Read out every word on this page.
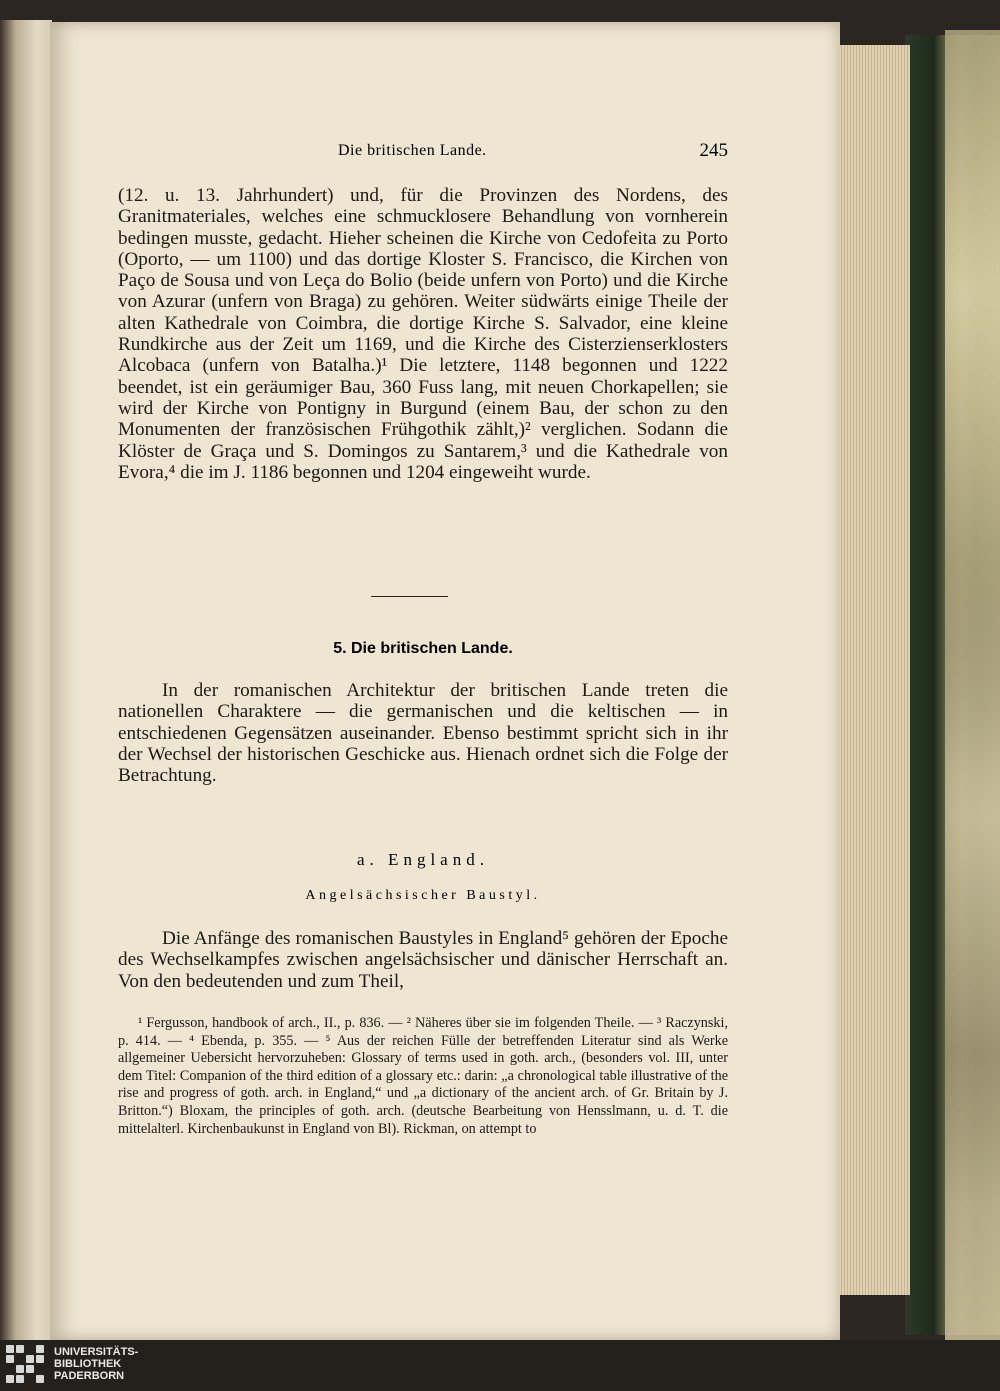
Die britischen Lande.	245

(12. u. 13. Jahrhundert) und, für die Provinzen des Nordens, des Granitmateriales, welches eine schmucklosere Behandlung von vornherein bedingen musste, gedacht. Hieher scheinen die Kirche von Cedofeita zu Porto (Oporto, — um 1100) und das dortige Kloster S. Francisco, die Kirchen von Paço de Sousa und von Leça do Bolio (beide unfern von Porto) und die Kirche von Azurar (unfern von Braga) zu gehören. Weiter südwärts einige Theile der alten Kathedrale von Coimbra, die dortige Kirche S. Salvador, eine kleine Rundkirche aus der Zeit um 1169, und die Kirche des Cisterzienserklosters Alcobaca (unfern von Batalha.)¹ Die letztere, 1148 begonnen und 1222 beendet, ist ein geräumiger Bau, 360 Fuss lang, mit neuen Chorkapellen; sie wird der Kirche von Pontigny in Burgund (einem Bau, der schon zu den Monumenten der französischen Frühgothik zählt,)² verglichen. Sodann die Klöster de Graça und S. Domingos zu Santarem,³ und die Kathedrale von Evora,⁴ die im J. 1186 begonnen und 1204 eingeweiht wurde.

5. Die britischen Lande.

In der romanischen Architektur der britischen Lande treten die nationellen Charaktere — die germanischen und die keltischen — in entschiedenen Gegensätzen auseinander. Ebenso bestimmt spricht sich in ihr der Wechsel der historischen Geschicke aus. Hienach ordnet sich die Folge der Betrachtung.

a. England.
Angelsächsischer Baustyl.

Die Anfänge des romanischen Baustyles in England⁵ gehören der Epoche des Wechselkampfes zwischen angelsächsischer und dänischer Herrschaft an. Von den bedeutenden und zum Theil,

¹ Fergusson, handbook of arch., II., p. 836. — ² Näheres über sie im folgenden Theile. — ³ Raczynski, p. 414. — ⁴ Ebenda, p. 355. — ⁵ Aus der reichen Fülle der betreffenden Literatur sind als Werke allgemeiner Uebersicht hervorzuheben: Glossary of terms used in goth. arch., (besonders vol. III, unter dem Titel: Companion of the third edition of a glossary etc.: darin: „a chronological table illustrative of the rise and progress of goth. arch. in England,“ und „a dictionary of the ancient arch. of Gr. Britain by J. Britton.“) Bloxam, the principles of goth. arch. (deutsche Bearbeitung von Hensslmann, u. d. T. die mittelalterl. Kirchenbaukunst in England von Bl). Rickman, on attempt to

UNIVERSITÄTS-
BIBLIOTHEK
PADERBORN
